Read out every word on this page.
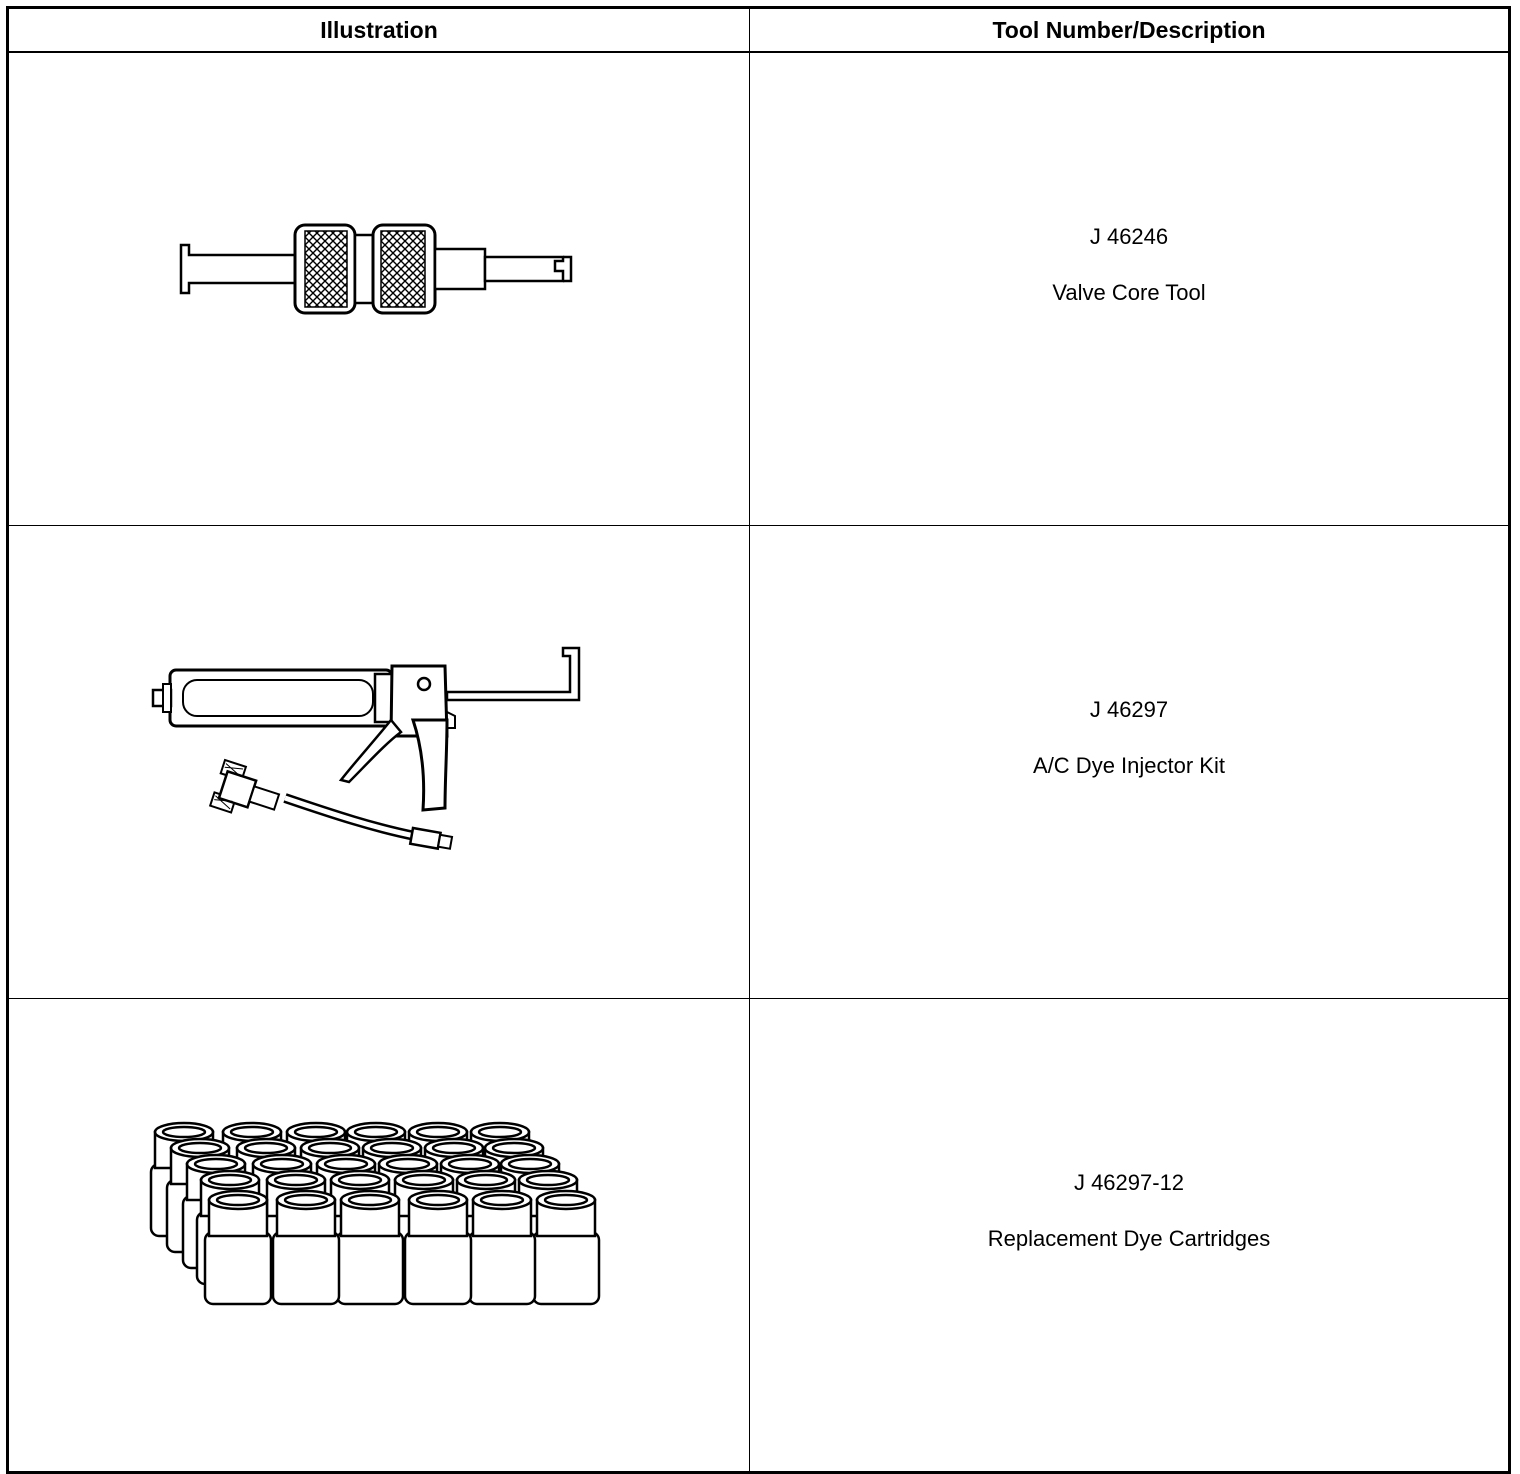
Illustration	Tool Number/Description

J 46246
Valve Core Tool

J 46297
A/C Dye Injector Kit

J 46297-12
Replacement Dye Cartridges
